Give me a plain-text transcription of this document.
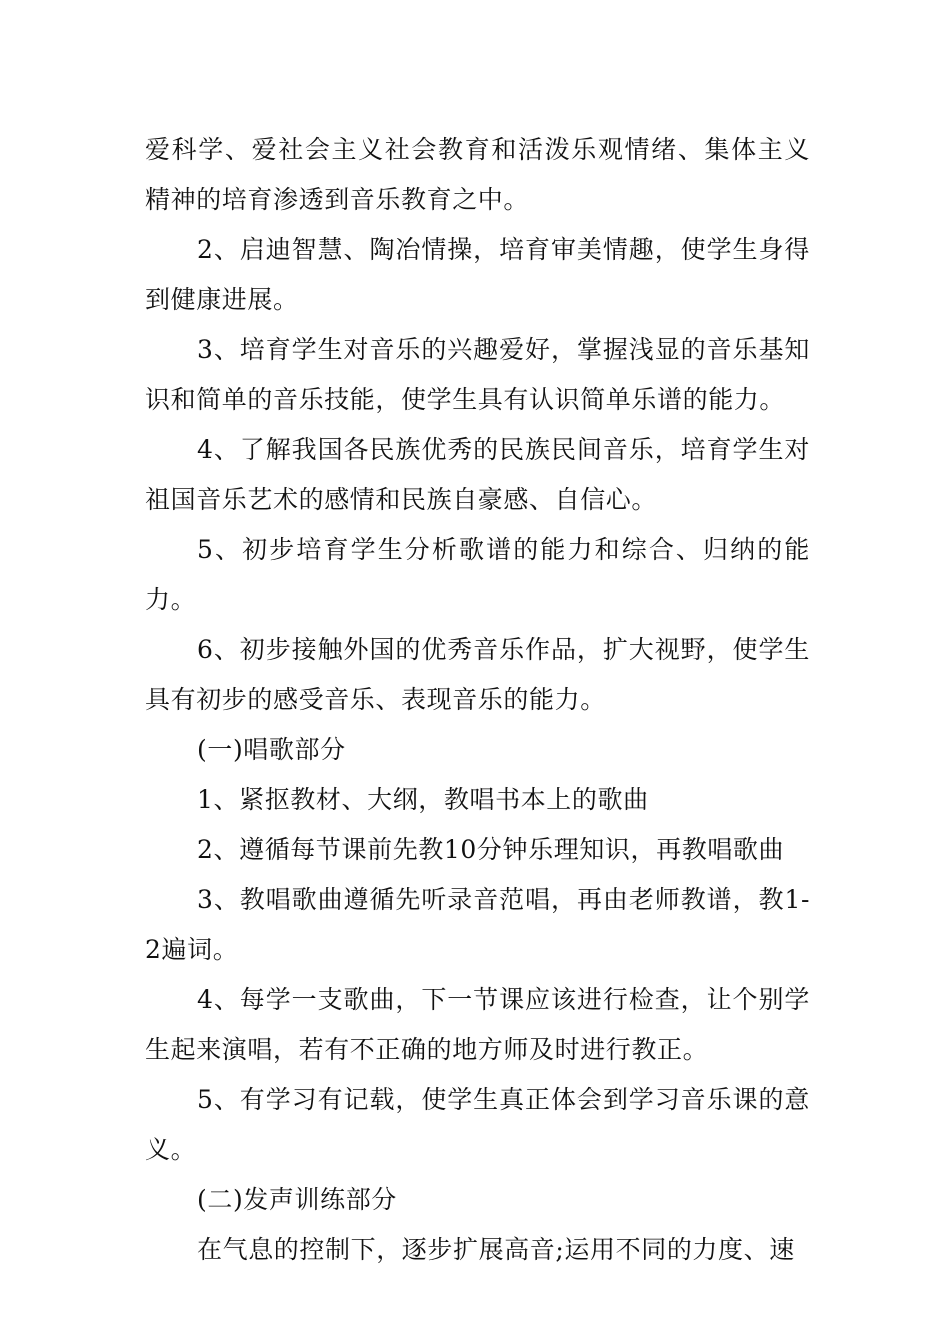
爱科学、爱社会主义社会教育和活泼乐观情绪、集体主义精神的培育渗透到音乐教育之中。

2、启迪智慧、陶冶情操，培育审美情趣，使学生身得到健康进展。

3、培育学生对音乐的兴趣爱好，掌握浅显的音乐基知识和简单的音乐技能，使学生具有认识简单乐谱的能力。

4、了解我国各民族优秀的民族民间音乐，培育学生对祖国音乐艺术的感情和民族自豪感、自信心。

5、初步培育学生分析歌谱的能力和综合、归纳的能力。

6、初步接触外国的优秀音乐作品，扩大视野，使学生具有初步的感受音乐、表现音乐的能力。

(一)唱歌部分

1、紧抠教材、大纲，教唱书本上的歌曲

2、遵循每节课前先教10分钟乐理知识，再教唱歌曲

3、教唱歌曲遵循先听录音范唱，再由老师教谱，教1-2遍词。

4、每学一支歌曲，下一节课应该进行检查，让个别学生起来演唱，若有不正确的地方师及时进行教正。

5、有学习有记载，使学生真正体会到学习音乐课的意义。

(二)发声训练部分

在气息的控制下，逐步扩展高音;运用不同的力度、速
